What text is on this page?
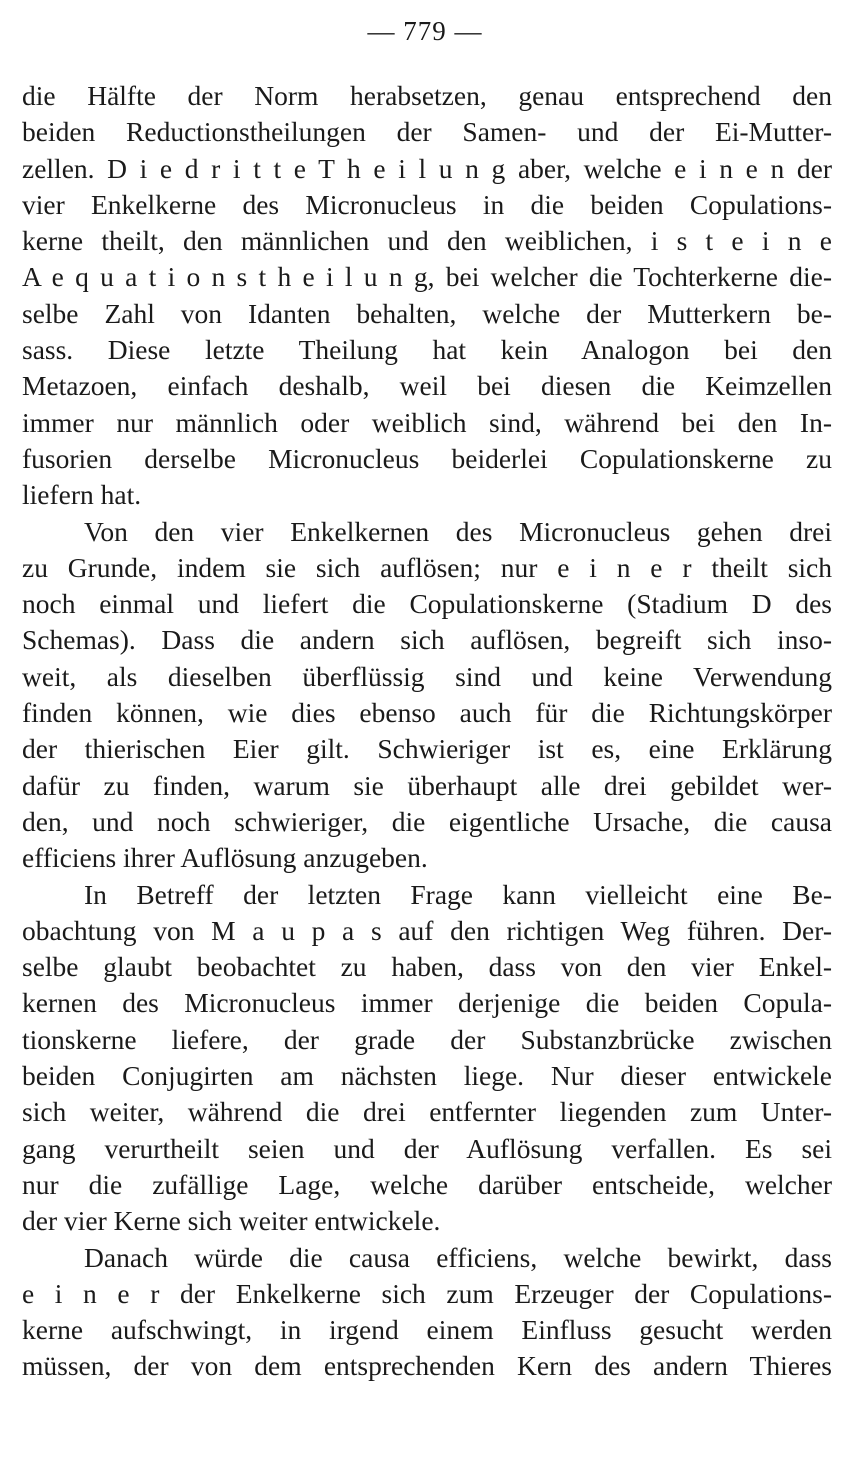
— 779 —
die Hälfte der Norm herabsetzen, genau entsprechend den
beiden Reductionstheilungen der Samen- und der Ei-Mutter-
zellen. D i e d r i t t e T h e i l u n g aber, welche e i n e n der
vier Enkelkerne des Micronucleus in die beiden Copulations-
kerne theilt, den männlichen und den weiblichen, i s t e i n e
A e q u a t i o n s t h e i l u n g, bei welcher die Tochterkerne die-
selbe Zahl von Idanten behalten, welche der Mutterkern be-
sass. Diese letzte Theilung hat kein Analogon bei den
Metazoen, einfach deshalb, weil bei diesen die Keimzellen
immer nur männlich oder weiblich sind, während bei den In-
fusorien derselbe Micronucleus beiderlei Copulationskerne zu
liefern hat.
Von den vier Enkelkernen des Micronucleus gehen drei
zu Grunde, indem sie sich auflösen; nur e i n e r theilt sich
noch einmal und liefert die Copulationskerne (Stadium D des
Schemas). Dass die andern sich auflösen, begreift sich inso-
weit, als dieselben überflüssig sind und keine Verwendung
finden können, wie dies ebenso auch für die Richtungskörper
der thierischen Eier gilt. Schwieriger ist es, eine Erklärung
dafür zu finden, warum sie überhaupt alle drei gebildet wer-
den, und noch schwieriger, die eigentliche Ursache, die causa
efficiens ihrer Auflösung anzugeben.
In Betreff der letzten Frage kann vielleicht eine Be-
obachtung von M a u p a s auf den richtigen Weg führen. Der-
selbe glaubt beobachtet zu haben, dass von den vier Enkel-
kernen des Micronucleus immer derjenige die beiden Copula-
tionskerne liefere, der grade der Substanzbrücke zwischen
beiden Conjugirten am nächsten liege. Nur dieser entwickele
sich weiter, während die drei entfernter liegenden zum Unter-
gang verurtheilt seien und der Auflösung verfallen. Es sei
nur die zufällige Lage, welche darüber entscheide, welcher
der vier Kerne sich weiter entwickele.
Danach würde die causa efficiens, welche bewirkt, dass
e i n e r der Enkelkerne sich zum Erzeuger der Copulations-
kerne aufschwingt, in irgend einem Einfluss gesucht werden
müssen, der von dem entsprechenden Kern des andern Thieres
